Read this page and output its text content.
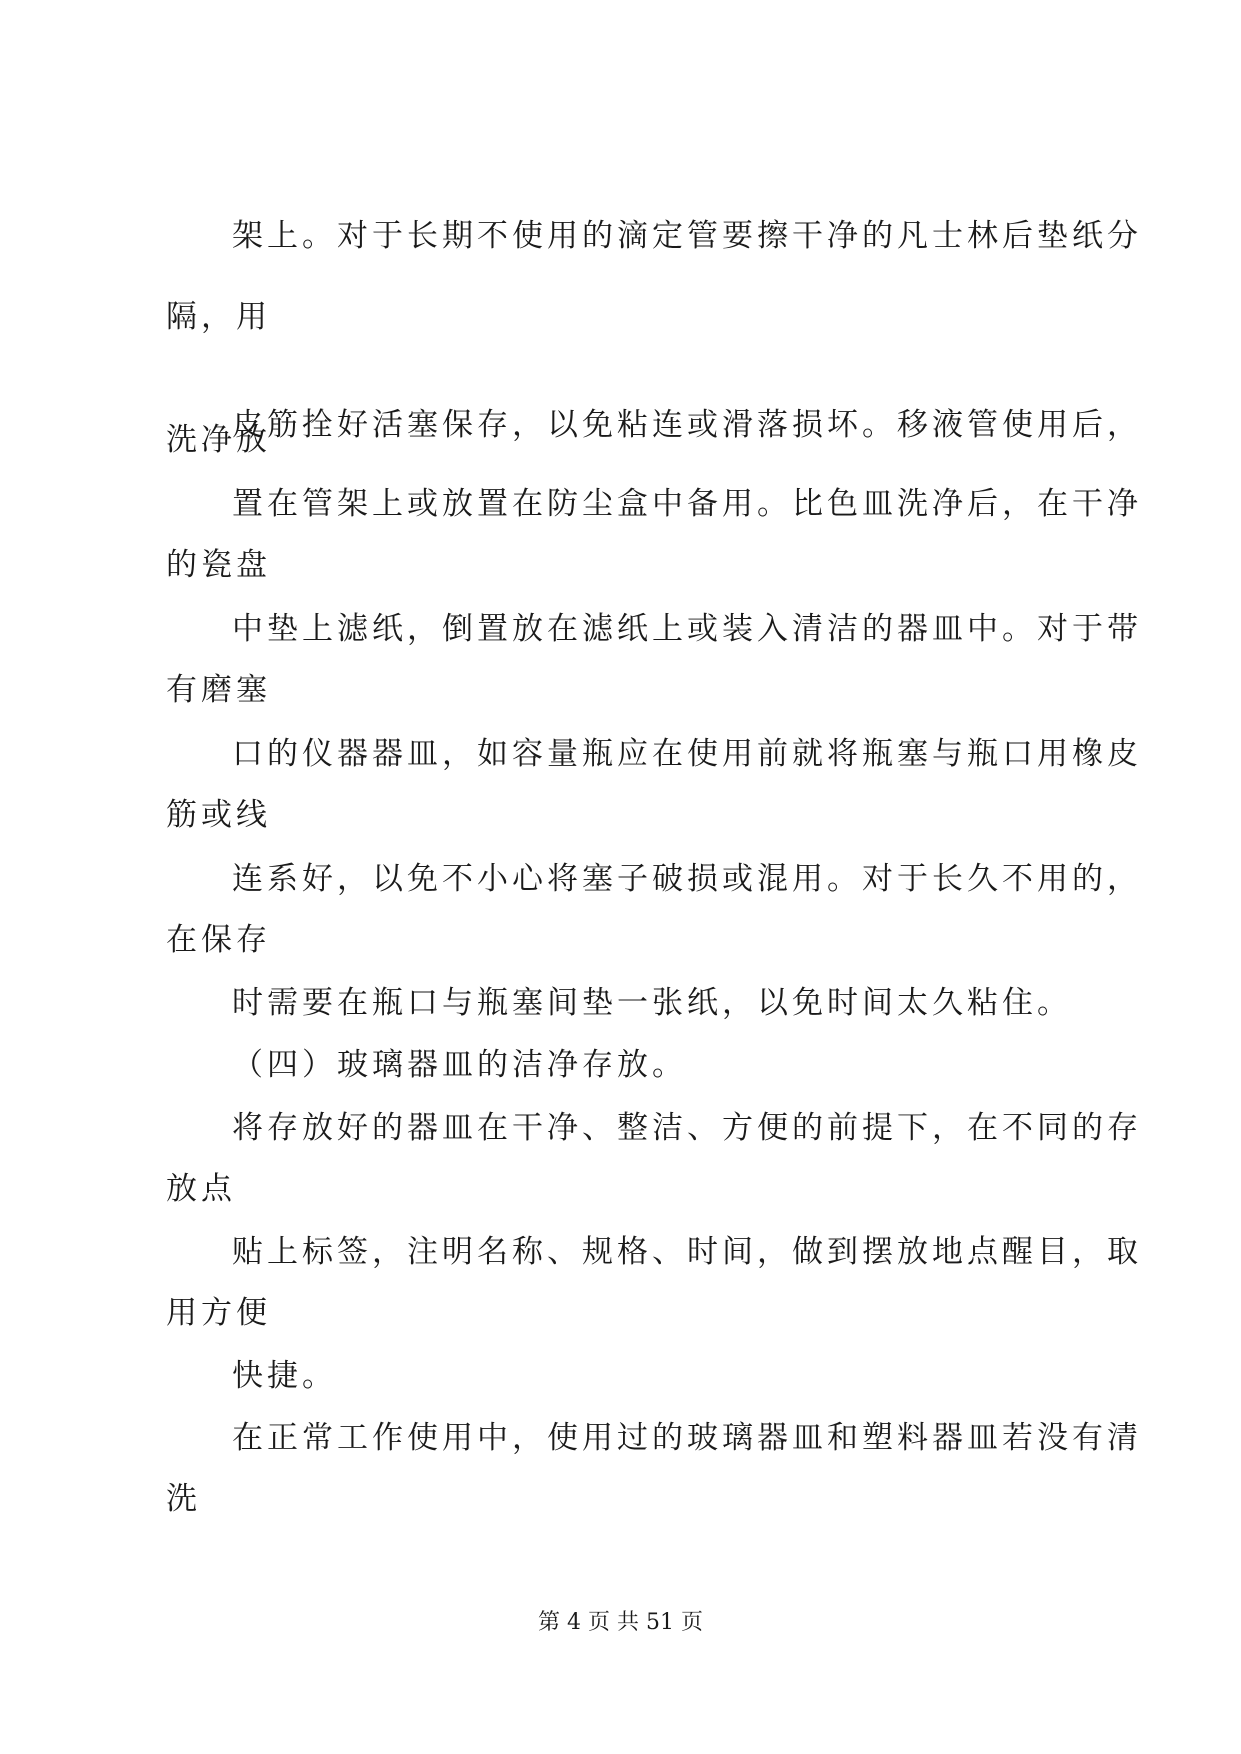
架上。对于长期不使用的滴定管要擦干净的凡士林后垫纸分
隔，用
皮筋拴好活塞保存，以免粘连或滑落损坏。移液管使用后，
洗净放
置在管架上或放置在防尘盒中备用。比色皿洗净后，在干净
的瓷盘
中垫上滤纸，倒置放在滤纸上或装入清洁的器皿中。对于带
有磨塞
口的仪器器皿，如容量瓶应在使用前就将瓶塞与瓶口用橡皮
筋或线
连系好，以免不小心将塞子破损或混用。对于长久不用的，
在保存
时需要在瓶口与瓶塞间垫一张纸，以免时间太久粘住。
（四）玻璃器皿的洁净存放。
将存放好的器皿在干净、整洁、方便的前提下，在不同的存
放点
贴上标签，注明名称、规格、时间，做到摆放地点醒目，取
用方便
快捷。
在正常工作使用中，使用过的玻璃器皿和塑料器皿若没有清
洗
第 4 页 共 51 页
